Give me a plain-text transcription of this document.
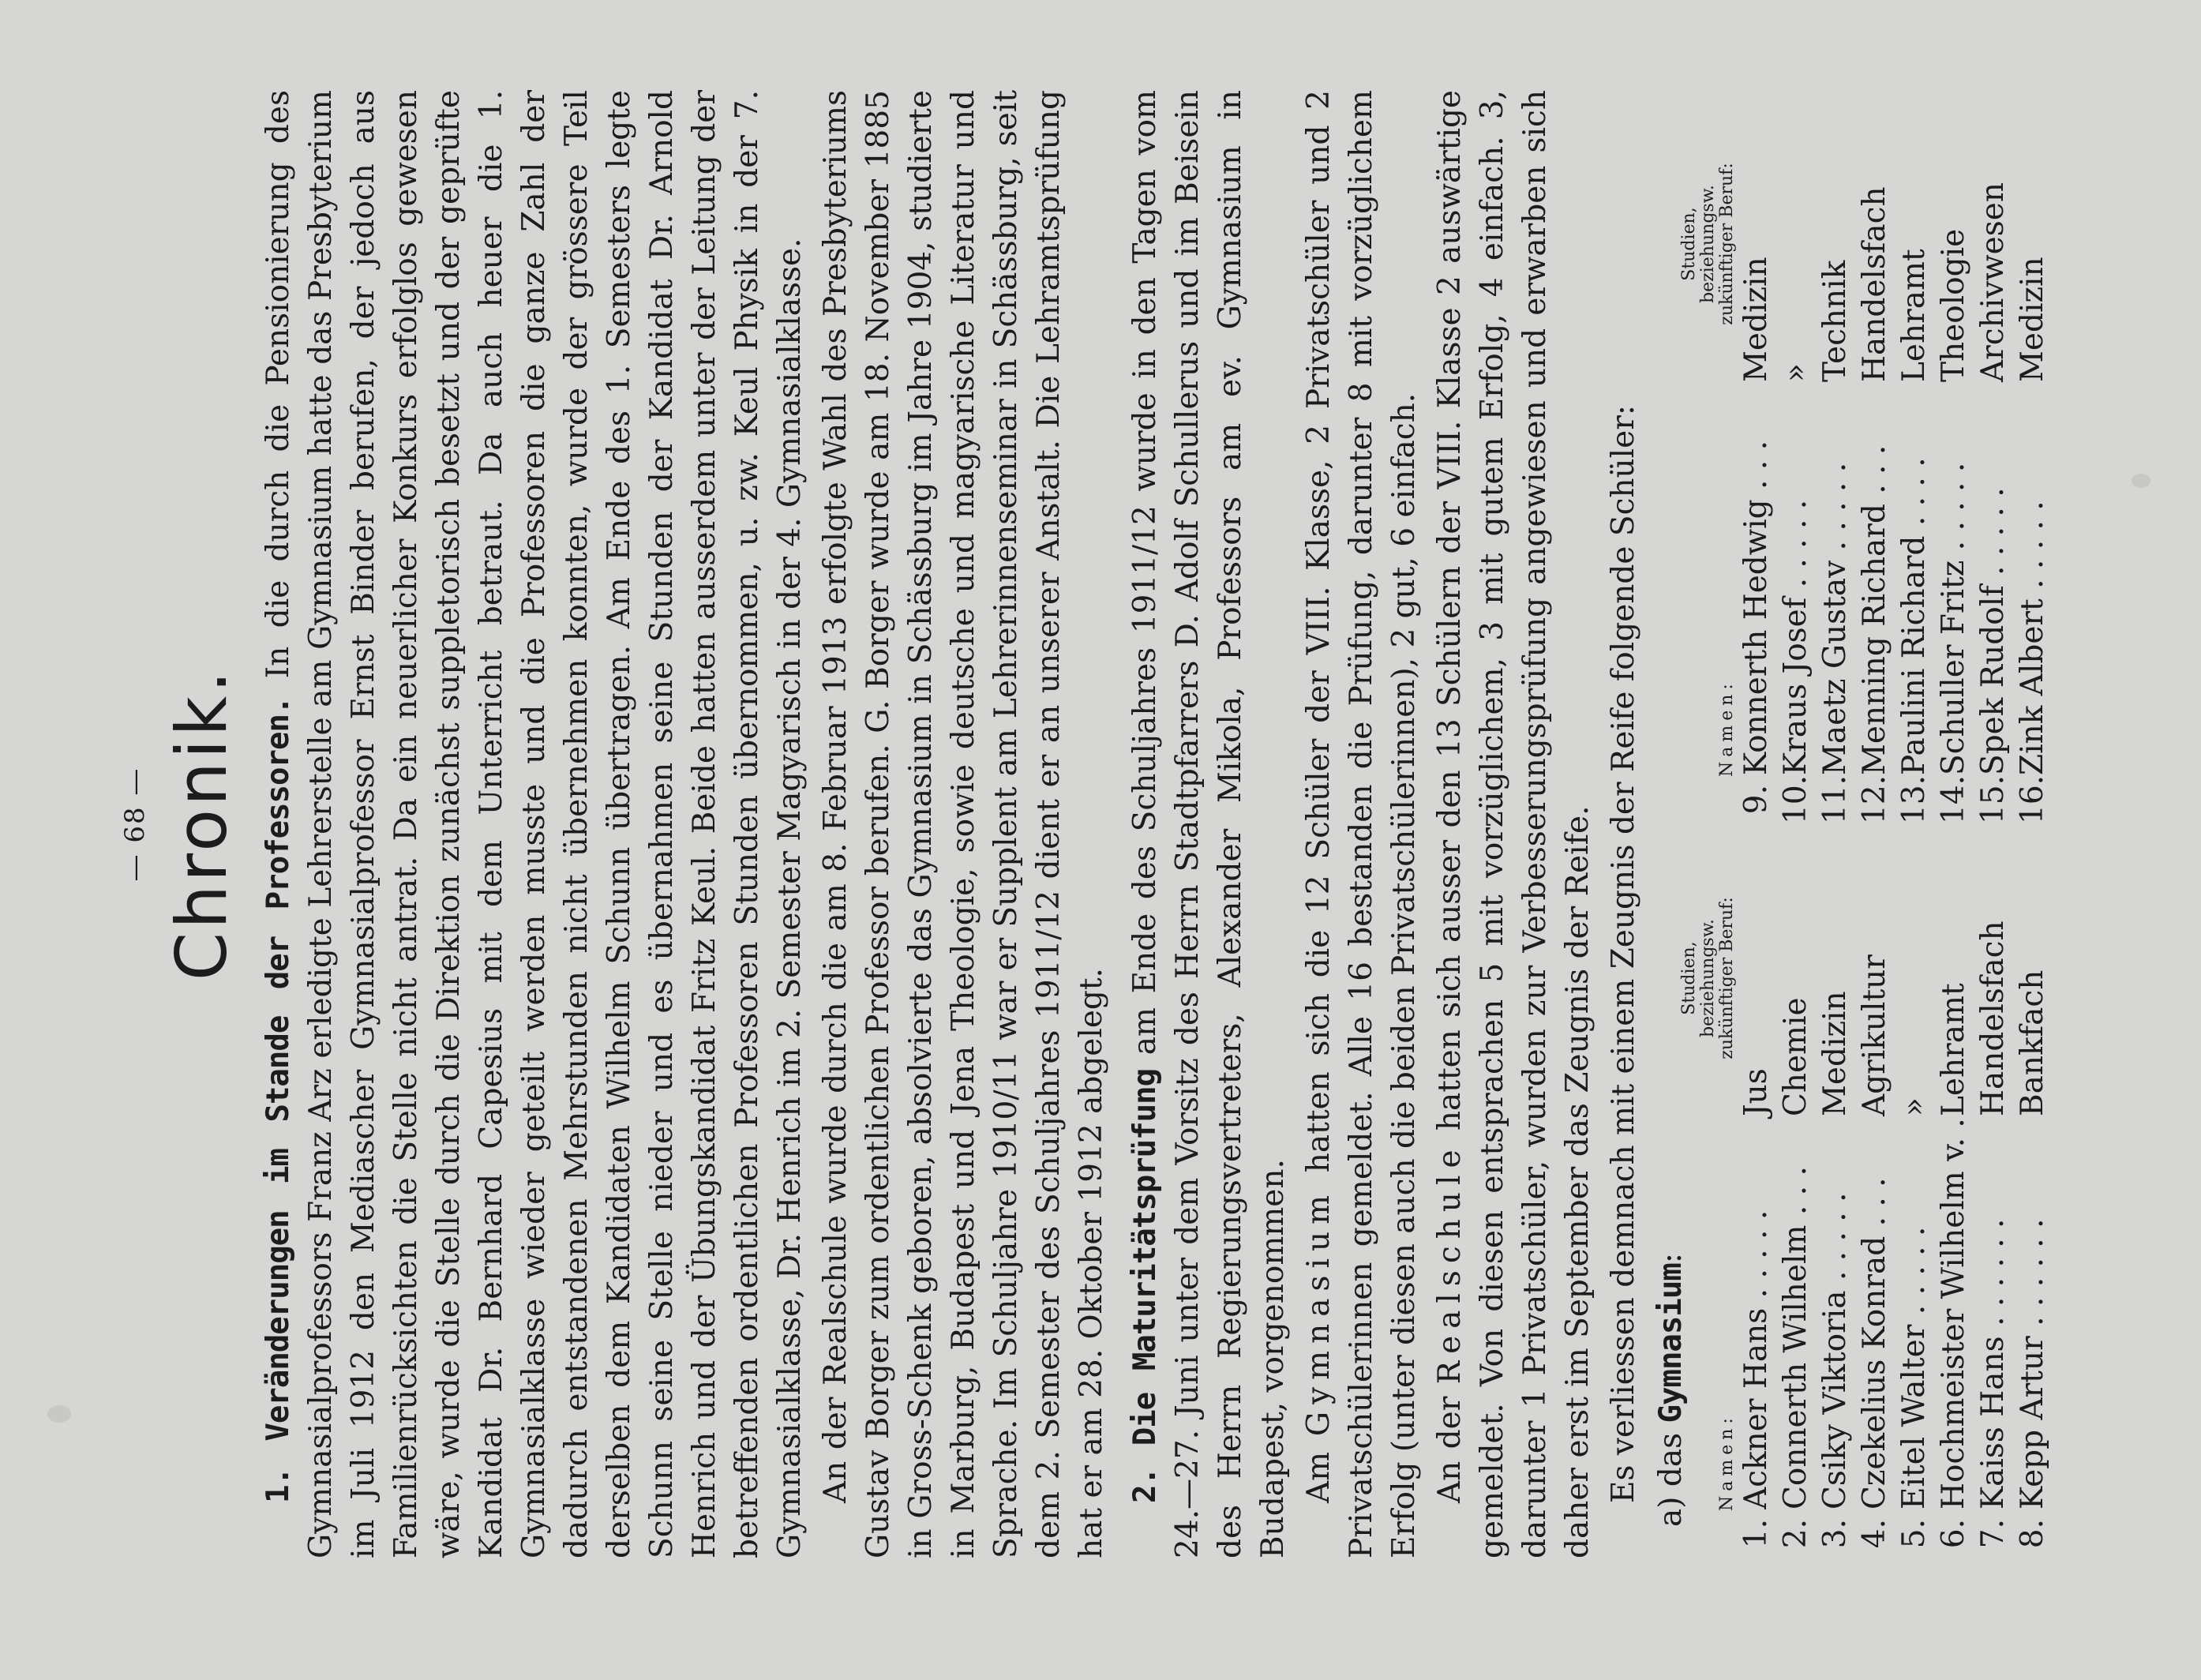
— 68 — Chronik. 1. Veränderungen im Stande der Professoren. In die durch die Pensionierung des Gymnasialprofessors Franz Arz erledigte Lehrerstelle am Gymnasium hatte das Presbyterium im Juli 1912 den Mediascher Gymnasialprofessor Ernst Binder berufen, der jedoch aus Familienrücksichten die Stelle nicht antrat. Da ein neuerlicher Konkurs erfolglos gewesen wäre, wurde die Stelle durch die Direktion zunächst suppletorisch besetzt und der geprüfte Kandidat Dr. Bernhard Capesius mit dem Unterricht betraut. Da auch heuer die 1. Gymnasialklasse wieder geteilt werden musste und die Professoren die ganze Zahl der dadurch entstandenen Mehrstunden nicht übernehmen konnten, wurde der grössere Teil derselben dem Kandidaten Wilhelm Schunn übertragen. Am Ende des 1. Semesters legte Schunn seine Stelle nieder und es übernahmen seine Stunden der Kandidat Dr. Arnold Henrich und der Übungskandidat Fritz Keul. Beide hatten ausserdem unter der Leitung der betreffenden ordentlichen Professoren Stunden übernommen, u. zw. Keul Physik in der 7. Gymnasialklasse, Dr. Henrich im 2. Semester Magyarisch in der 4. Gymnasialklasse. An der Realschule wurde durch die am 8. Februar 1913 erfolgte Wahl des Presbyteriums Gustav Borger zum ordentlichen Professor berufen. G. Borger wurde am 18. November 1885 in Gross-Schenk geboren, absolvierte das Gymnasium in Schässburg im Jahre 1904, studierte in Marburg, Budapest und Jena Theologie, sowie deutsche und magyarische Literatur und Sprache. Im Schuljahre 1910/11 war er Supplent am Lehrerinnenseminar in Schässburg, seit dem 2. Semester des Schuljahres 1911/12 dient er an unserer Anstalt. Die Lehramtsprüfung hat er am 28. Oktober 1912 abgelegt. 2. Die Maturitätsprüfung am Ende des Schuljahres 1911/12 wurde in den Tagen vom 24.—27. Juni unter dem Vorsitz des Herrn Stadtpfarrers D. Adolf Schullerus und im Beisein des Herrn Regierungsvertreters, Alexander Mikola, Professors am ev. Gymnasium in Budapest, vorgenommen. Am Gymnasium hatten sich die 12 Schüler der VIII. Klasse, 2 Privatschüler und 2 Privatschülerinnen gemeldet. Alle 16 bestanden die Prüfung, darunter 8 mit vorzüglichem Erfolg (unter diesen auch die beiden Privatschülerinnen), 2 gut, 6 einfach. An der Realschule hatten sich ausser den 13 Schülern der VIII. Klasse 2 auswärtige gemeldet. Von diesen entsprachen 5 mit vorzüglichem, 3 mit gutem Erfolg, 4 einfach. 3, darunter 1 Privatschüler, wurden zur Verbesserungsprüfung angewiesen und erwarben sich daher erst im September das Zeugnis der Reife. Es verliessen demnach mit einem Zeugnis der Reife folgende Schüler: a) das Gymnasium:

Namen:
Studien, beziehungsw. zukünftiger Beruf:
1.
Ackner Hans . . . . .
Jus
2.
Connerth Wilhelm . . .
Chemie
3.
Csiky Viktoria . . . . .
Medizin
4.
Czekelius Konrad . . .
Agrikultur
5.
Eitel Walter . . . . .
»
6.
Hochmeister Wilhelm v. .
Lehramt
7.
Kaiss Hans . . . . . .
Handelsfach
8.
Kepp Artur . . . . . .
Bankfach
Namen:
Studien, beziehungsw. zukünftiger Beruf:
9.
Konnerth Hedwig . . .
Medizin
10.
Kraus Josef . . . . .
»
11.
Maetz Gustav . . . . .
Technik
12.
Menning Richard . . .
Handelsfach
13.
Paulini Richard . . . .
Lehramt
14.
Schuller Fritz . . . . .
Theologie
15.
Spek Rudolf . . . . .
Archivwesen
16.
Zink Albert . . . . .
Medizin
